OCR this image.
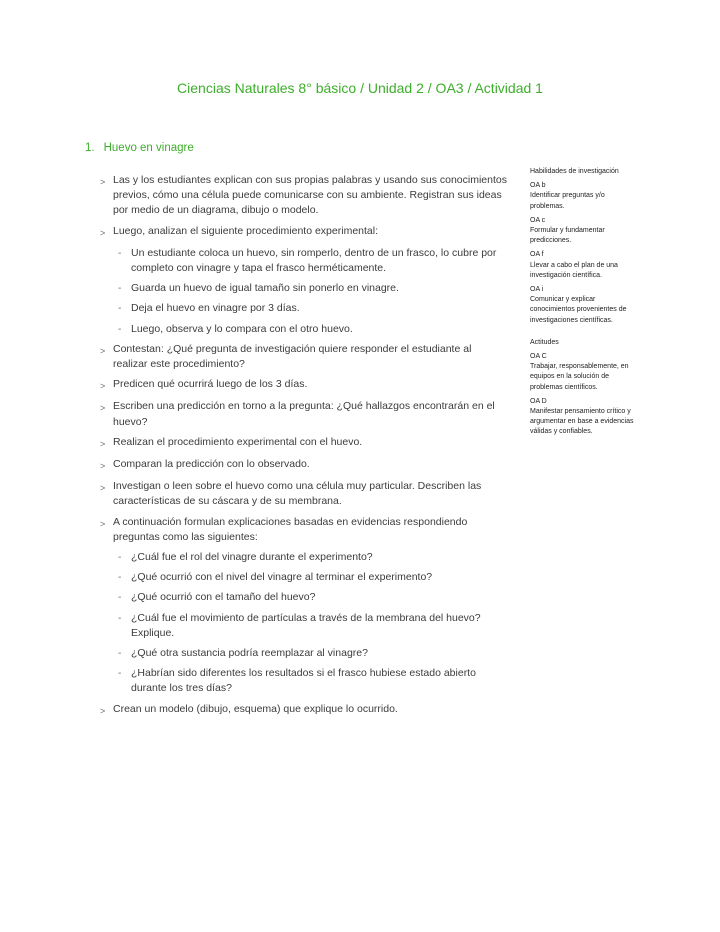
Ciencias Naturales 8° básico / Unidad 2 / OA3 / Actividad 1
1. Huevo en vinagre
> Las y los estudiantes explican con sus propias palabras y usando sus conocimientos previos, cómo una célula puede comunicarse con su ambiente. Registran sus ideas por medio de un diagrama, dibujo o modelo.
> Luego, analizan el siguiente procedimiento experimental:
- Un estudiante coloca un huevo, sin romperlo, dentro de un frasco, lo cubre por completo con vinagre y tapa el frasco herméticamente.
- Guarda un huevo de igual tamaño sin ponerlo en vinagre.
- Deja el huevo en vinagre por 3 días.
- Luego, observa y lo compara con el otro huevo.
> Contestan: ¿Qué pregunta de investigación quiere responder el estudiante al realizar este procedimiento?
> Predicen qué ocurrirá luego de los 3 días.
> Escriben una predicción en torno a la pregunta: ¿Qué hallazgos encontrarán en el huevo?
> Realizan el procedimiento experimental con el huevo.
> Comparan la predicción con lo observado.
> Investigan o leen sobre el huevo como una célula muy particular. Describen las características de su cáscara y de su membrana.
> A continuación formulan explicaciones basadas en evidencias respondiendo preguntas como las siguientes:
- ¿Cuál fue el rol del vinagre durante el experimento?
- ¿Qué ocurrió con el nivel del vinagre al terminar el experimento?
- ¿Qué ocurrió con el tamaño del huevo?
- ¿Cuál fue el movimiento de partículas a través de la membrana del huevo? Explique.
- ¿Qué otra sustancia podría reemplazar al vinagre?
- ¿Habrían sido diferentes los resultados si el frasco hubiese estado abierto durante los tres días?
> Crean un modelo (dibujo, esquema) que explique lo ocurrido.
Habilidades de investigación
OA b
Identificar preguntas y/o problemas.
OA c
Formular y fundamentar predicciones.
OA f
Llevar a cabo el plan de una investigación científica.
OA i
Comunicar y explicar conocimientos provenientes de investigaciones científicas.
Actitudes
OA C
Trabajar, responsablemente, en equipos en la solución de problemas científicos.
OA D
Manifestar pensamiento crítico y argumentar en base a evidencias válidas y confiables.
